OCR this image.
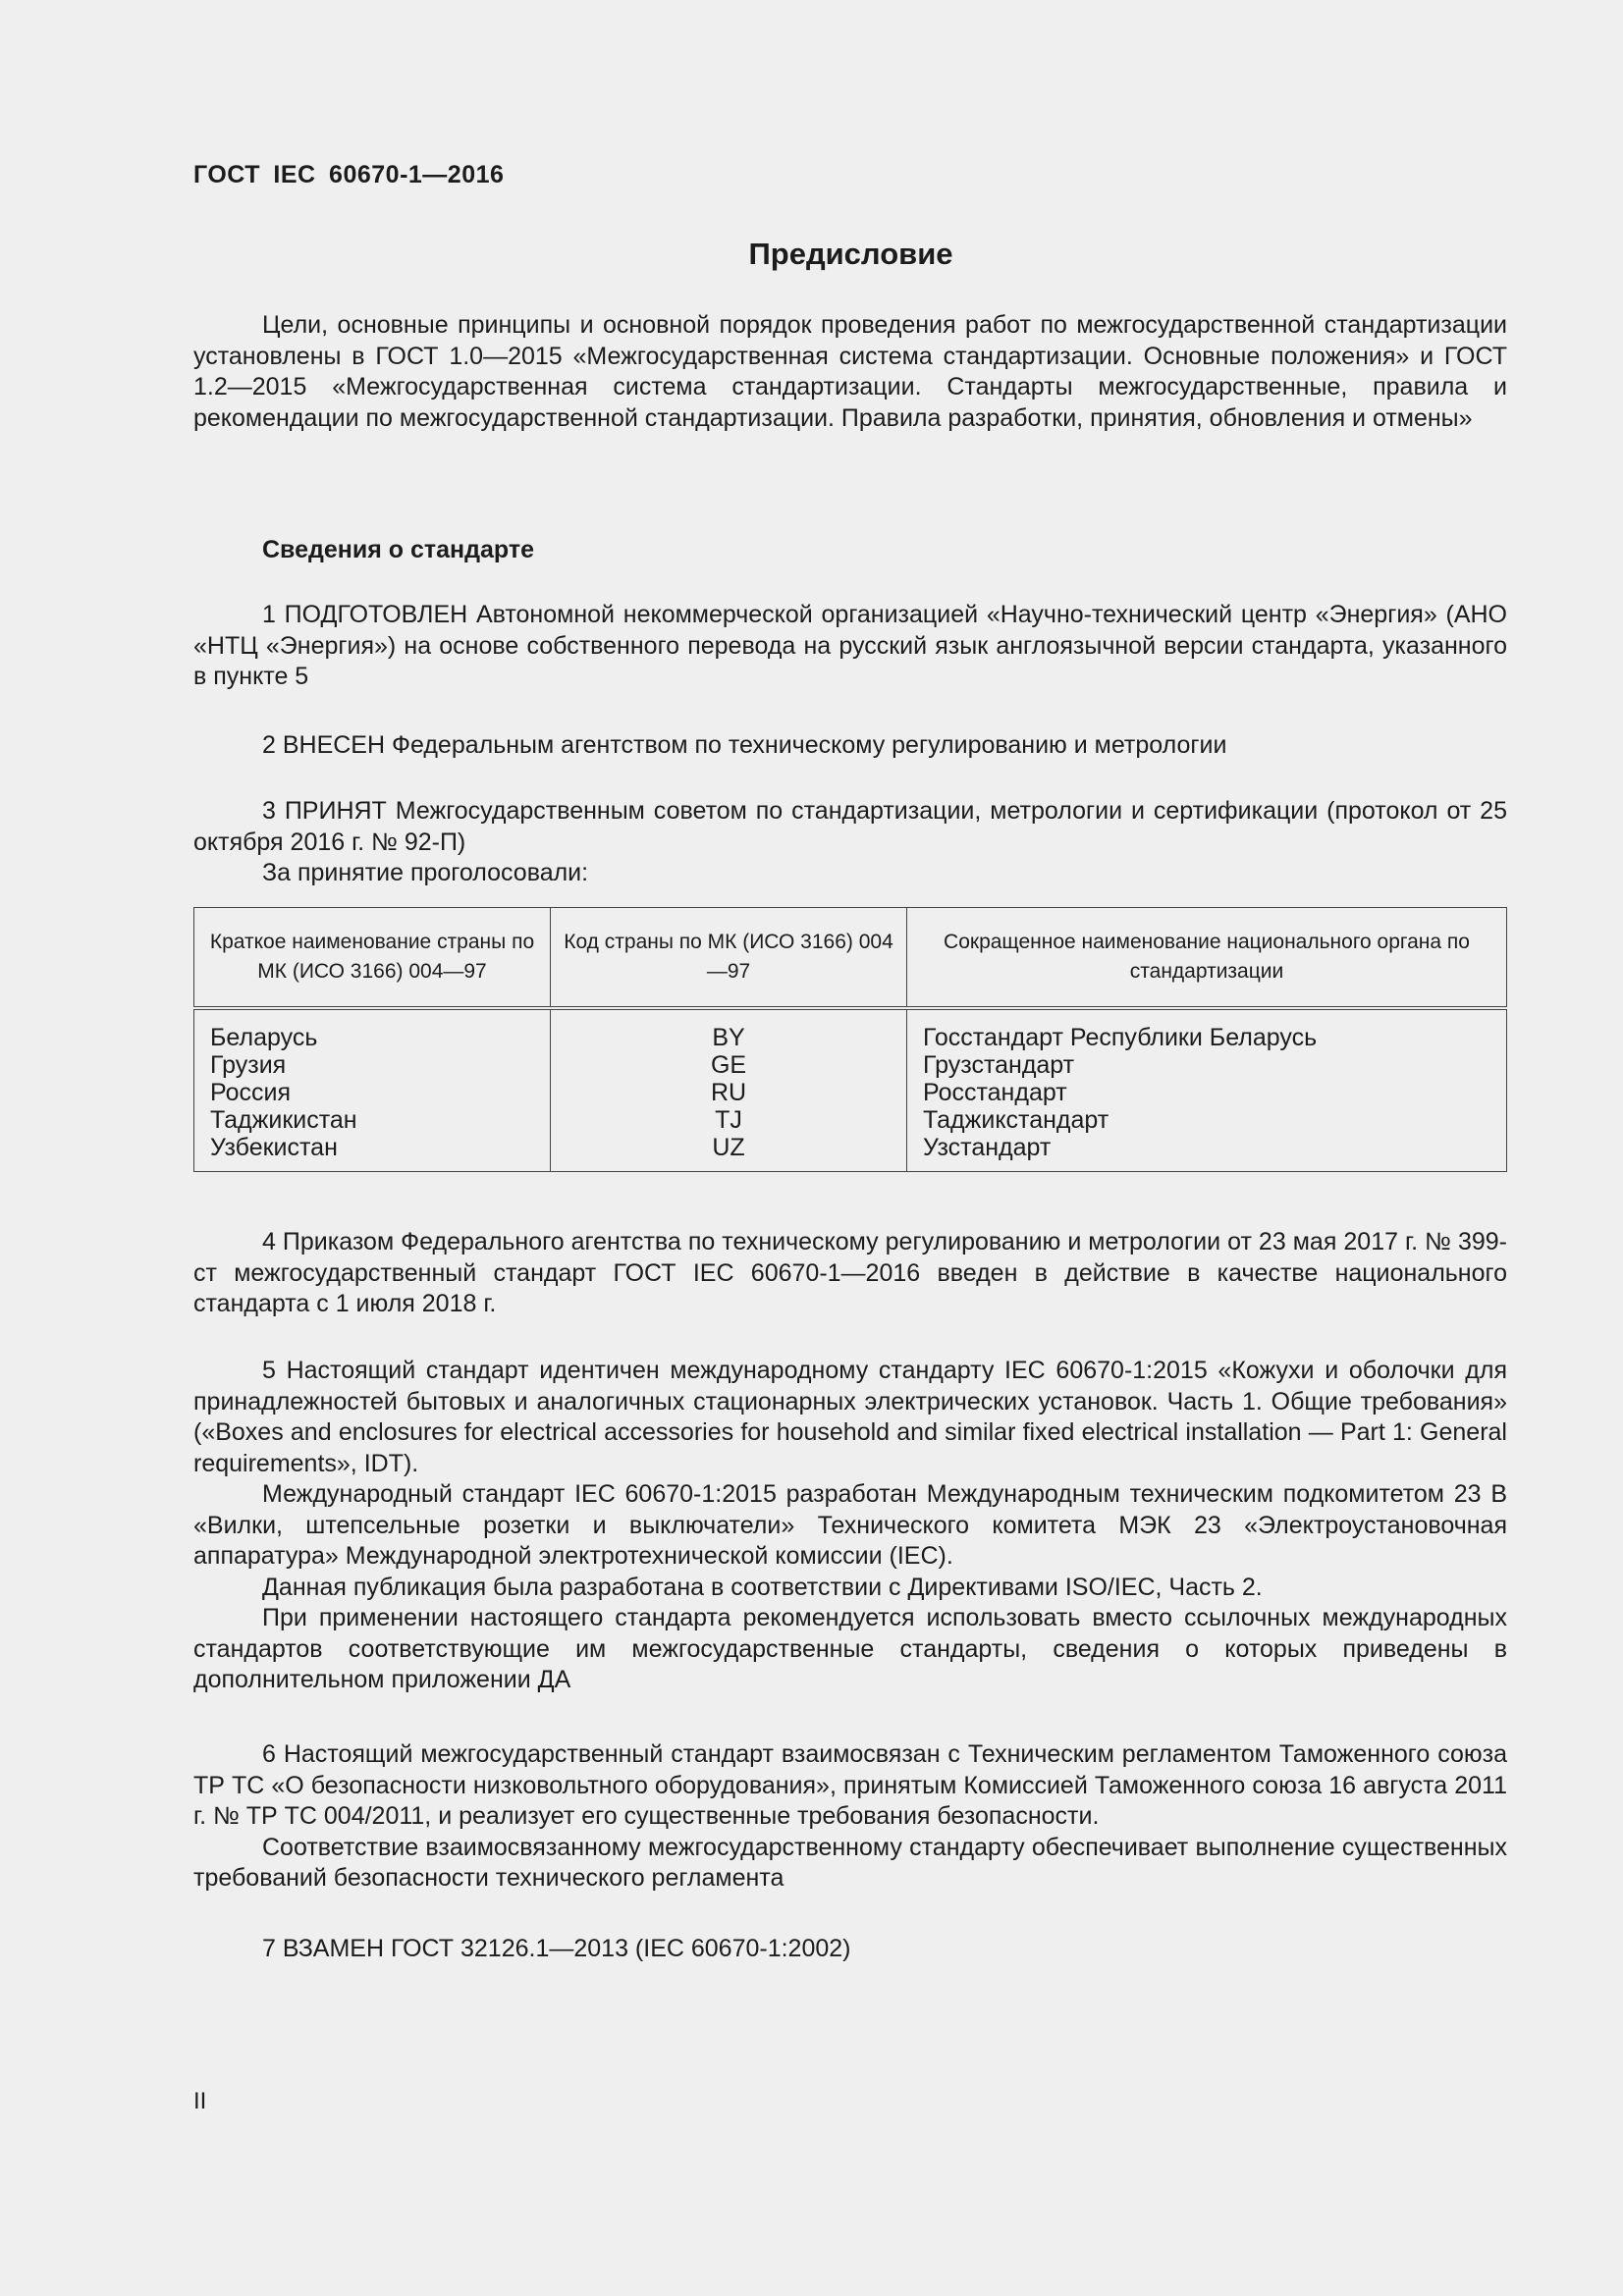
ГОСТ IEC 60670-1—2016
Предисловие

Цели, основные принципы и основной порядок проведения работ по межгосударственной стандартизации установлены в ГОСТ 1.0—2015 «Межгосударственная система стандартизации. Основные положения» и ГОСТ 1.2—2015 «Межгосударственная система стандартизации. Стандарты межгосударственные, правила и рекомендации по межгосударственной стандартизации. Правила разработки, принятия, обновления и отмены»

Сведения о стандарте

1 ПОДГОТОВЛЕН Автономной некоммерческой организацией «Научно-технический центр «Энергия» (АНО «НТЦ «Энергия») на основе собственного перевода на русский язык англоязычной версии стандарта, указанного в пункте 5

2 ВНЕСЕН Федеральным агентством по техническому регулированию и метрологии

3 ПРИНЯТ Межгосударственным советом по стандартизации, метрологии и сертификации (протокол от 25 октября 2016 г. № 92-П)

За принятие проголосовали:

Краткое наименование страны по МК (ИСО 3166) 004—97	Код страны по МК (ИСО 3166) 004—97	Сокращенное наименование национального органа по стандартизации
Беларусь	BY	Госстандарт Республики Беларусь
Грузия	GE	Грузстандарт
Россия	RU	Росстандарт
Таджикистан	TJ	Таджикстандарт
Узбекистан	UZ	Узстандарт

4 Приказом Федерального агентства по техническому регулированию и метрологии от 23 мая 2017 г. № 399-ст межгосударственный стандарт ГОСТ IEC 60670-1—2016 введен в действие в качестве национального стандарта с 1 июля 2018 г.

5 Настоящий стандарт идентичен международному стандарту IEC 60670-1:2015 «Кожухи и оболочки для принадлежностей бытовых и аналогичных стационарных электрических установок. Часть 1. Общие требования» («Boxes and enclosures for electrical accessories for household and similar fixed electrical installation — Part 1: General requirements», IDT).

Международный стандарт IEC 60670-1:2015 разработан Международным техническим подкомитетом 23 B «Вилки, штепсельные розетки и выключатели» Технического комитета МЭК 23 «Электроустановочная аппаратура» Международной электротехнической комиссии (IEC).

Данная публикация была разработана в соответствии с Директивами ISO/IEC, Часть 2.

При применении настоящего стандарта рекомендуется использовать вместо ссылочных международных стандартов соответствующие им межгосударственные стандарты, сведения о которых приведены в дополнительном приложении ДА

6 Настоящий межгосударственный стандарт взаимосвязан с Техническим регламентом Таможенного союза ТР ТС «О безопасности низковольтного оборудования», принятым Комиссией Таможенного союза 16 августа 2011 г. № ТР ТС 004/2011, и реализует его существенные требования безопасности.

Соответствие взаимосвязанному межгосударственному стандарту обеспечивает выполнение существенных требований безопасности технического регламента

7 ВЗАМЕН ГОСТ 32126.1—2013 (IEC 60670-1:2002)

II
